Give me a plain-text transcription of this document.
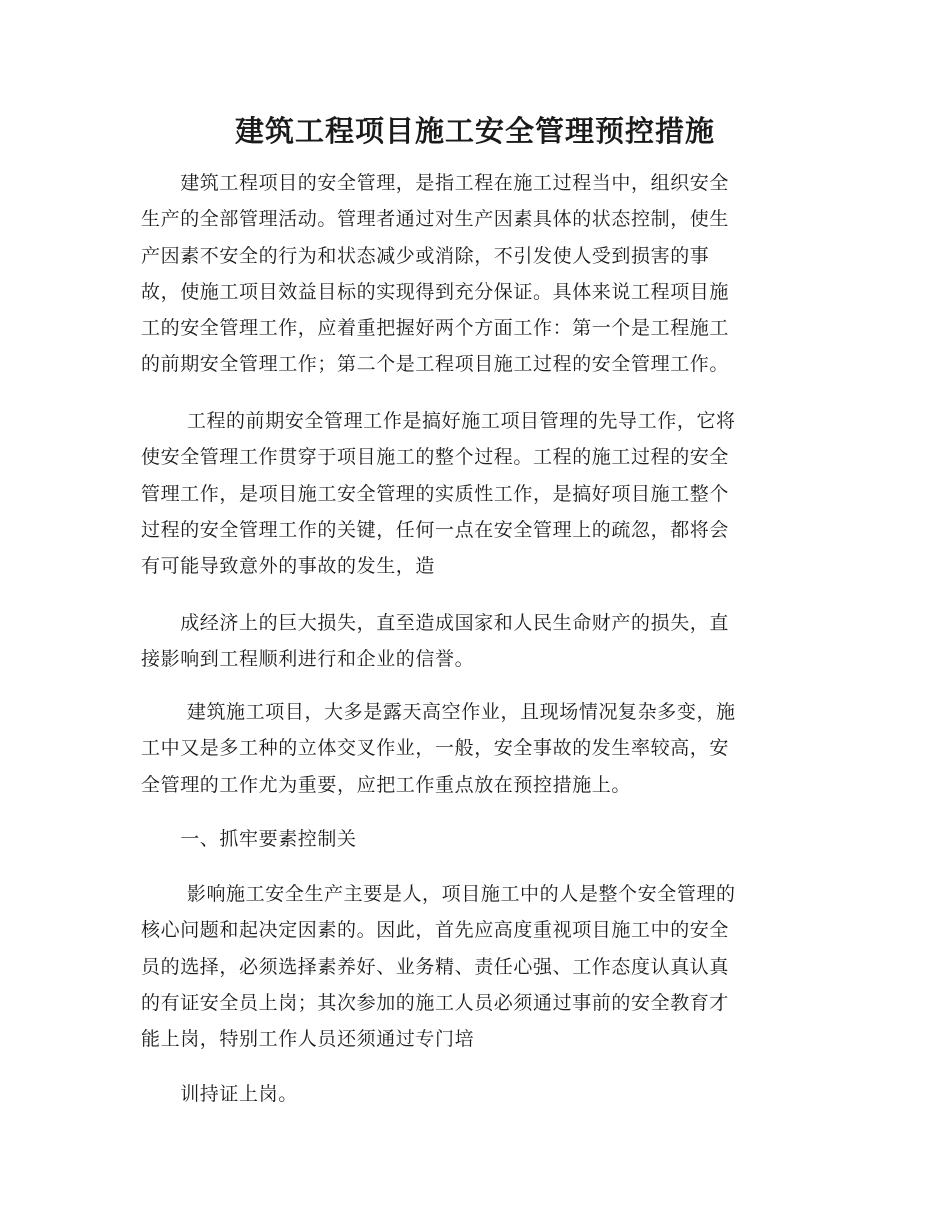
建筑工程项目施工安全管理预控措施

　　建筑工程项目的安全管理，是指工程在施工过程当中，组织安全
生产的全部管理活动。管理者通过对生产因素具体的状态控制，使生
产因素不安全的行为和状态减少或消除，不引发使人受到损害的事
故，使施工项目效益目标的实现得到充分保证。具体来说工程项目施
工的安全管理工作，应着重把握好两个方面工作：第一个是工程施工
的前期安全管理工作；第二个是工程项目施工过程的安全管理工作。

　　 工程的前期安全管理工作是搞好施工项目管理的先导工作，它将
使安全管理工作贯穿于项目施工的整个过程。工程的施工过程的安全
管理工作，是项目施工安全管理的实质性工作，是搞好项目施工整个
过程的安全管理工作的关键，任何一点在安全管理上的疏忽，都将会
有可能导致意外的事故的发生，造

　　成经济上的巨大损失，直至造成国家和人民生命财产的损失，直
接影响到工程顺利进行和企业的信誉。

　　 建筑施工项目，大多是露天高空作业，且现场情况复杂多变，施
工中又是多工种的立体交叉作业，一般，安全事故的发生率较高，安
全管理的工作尤为重要，应把工作重点放在预控措施上。

　　一、抓牢要素控制关

　　 影响施工安全生产主要是人，项目施工中的人是整个安全管理的
核心问题和起决定因素的。因此，首先应高度重视项目施工中的安全
员的选择，必须选择素养好、业务精、责任心强、工作态度认真认真
的有证安全员上岗；其次参加的施工人员必须通过事前的安全教育才
能上岗，特别工作人员还须通过专门培

　　训持证上岗。
